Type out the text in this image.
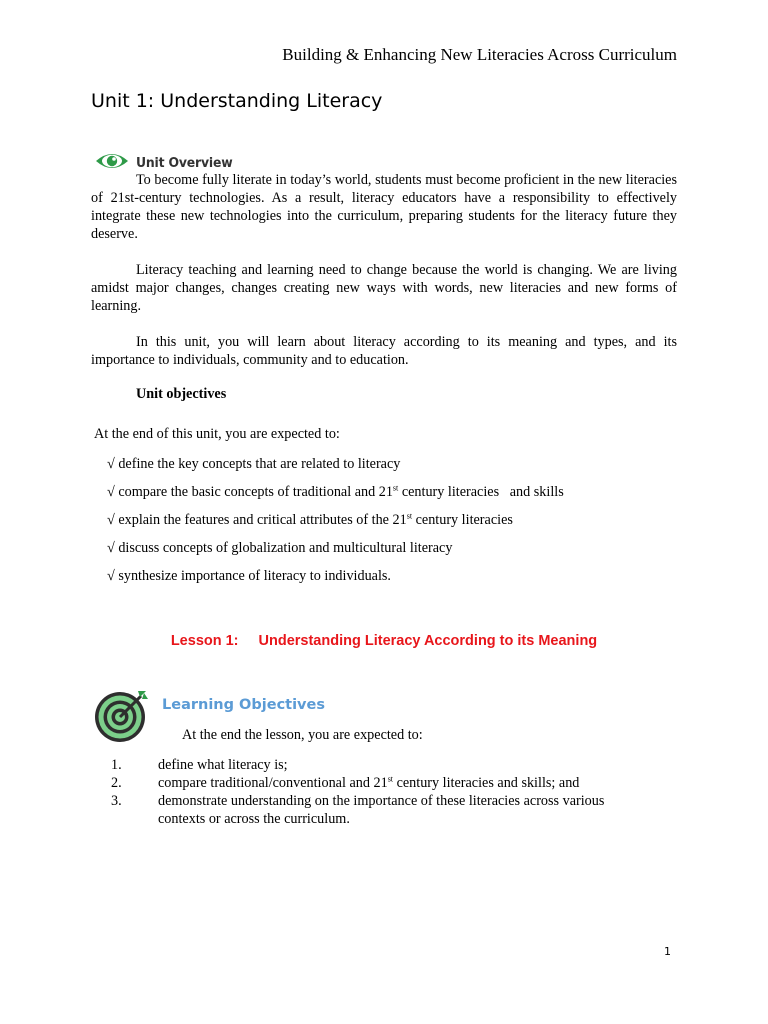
Building & Enhancing New Literacies Across Curriculum
Unit 1: Understanding Literacy
Unit Overview

To become fully literate in today’s world, students must become proficient in the new literacies of 21st-century technologies. As a result, literacy educators have a responsibility to effectively integrate these new technologies into the curriculum, preparing students for the literacy future they deserve.

Literacy teaching and learning need to change because the world is changing. We are living amidst major changes, changes creating new ways with words, new literacies and new forms of learning.

In this unit, you will learn about literacy according to its meaning and types, and its importance to individuals, community and to education.

Unit objectives

At the end of this unit, you are expected to:

√ define the key concepts that are related to literacy
√ compare the basic concepts of traditional and 21st century literacies   and skills
√ explain the features and critical attributes of the 21st century literacies
√ discuss concepts of globalization and multicultural literacy
√ synthesize importance of literacy to individuals.
Lesson 1: Understanding Literacy According to its Meaning
Learning Objectives

At the end the lesson, you are expected to:

1.	define what literacy is;
2.	compare traditional/conventional and 21st century literacies and skills; and
3.	demonstrate understanding on the importance of these literacies across various contexts or across the curriculum.
1
